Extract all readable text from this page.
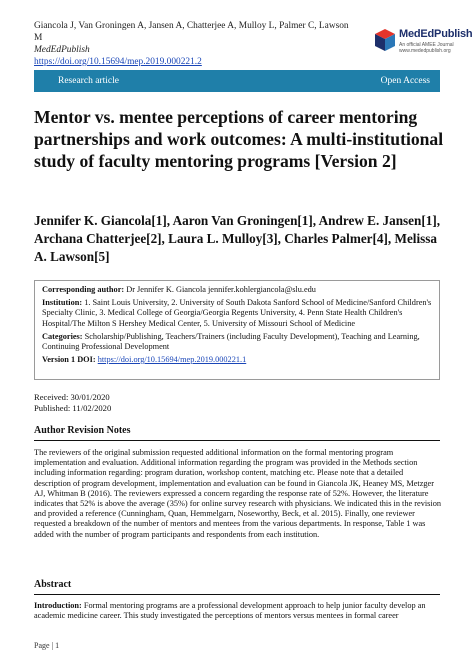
Giancola J, Van Groningen A, Jansen A, Chatterjee A, Mulloy L, Palmer C, Lawson M
MedEdPublish
https://doi.org/10.15694/mep.2019.000221.2
MedEdPublish
An official AMEE Journal
www.mededpublish.org
Research article	Open Access
Mentor vs. mentee perceptions of career mentoring partnerships and work outcomes: A multi-institutional study of faculty mentoring programs [Version 2]
Jennifer K. Giancola[1], Aaron Van Groningen[1], Andrew E. Jansen[1], Archana Chatterjee[2], Laura L. Mulloy[3], Charles Palmer[4], Melissa A. Lawson[5]

Corresponding author: Dr Jennifer K. Giancola jennifer.kohlergiancola@slu.edu

Institution: 1. Saint Louis University, 2. University of South Dakota Sanford School of Medicine/Sanford Children's Specialty Clinic, 3. Medical College of Georgia/Georgia Regents University, 4. Penn State Health Children's Hospital/The Milton S Hershey Medical Center, 5. University of Missouri School of Medicine

Categories: Scholarship/Publishing, Teachers/Trainers (including Faculty Development), Teaching and Learning, Continuing Professional Development

Version 1 DOI: https://doi.org/10.15694/mep.2019.000221.1

Received: 30/01/2020
Published: 11/02/2020
Author Revision Notes

The reviewers of the original submission requested additional information on the formal mentoring program implementation and evaluation. Additional information regarding the program was provided in the Methods section including information regarding: program duration, workshop content, matching etc. Please note that a detailed description of program development, implementation and evaluation can be found in Giancola JK, Heaney MS, Metzger AJ, Whitman B (2016). The reviewers expressed a concern regarding the response rate of 52%. However, the literature indicates that 52% is above the average (35%) for online survey research with physicians. We indicated this in the revision and provided a reference (Cunningham, Quan, Hemmelgarn, Noseworthy, Beck, et al. 2015). Finally, one reviewer requested a breakdown of the number of mentors and mentees from the various departments. In response, Table 1 was added with the number of program participants and respondents from each institution.

Abstract

Introduction: Formal mentoring programs are a professional development approach to help junior faculty develop an academic medicine career. This study investigated the perceptions of mentors versus mentees in formal career

Page | 1
